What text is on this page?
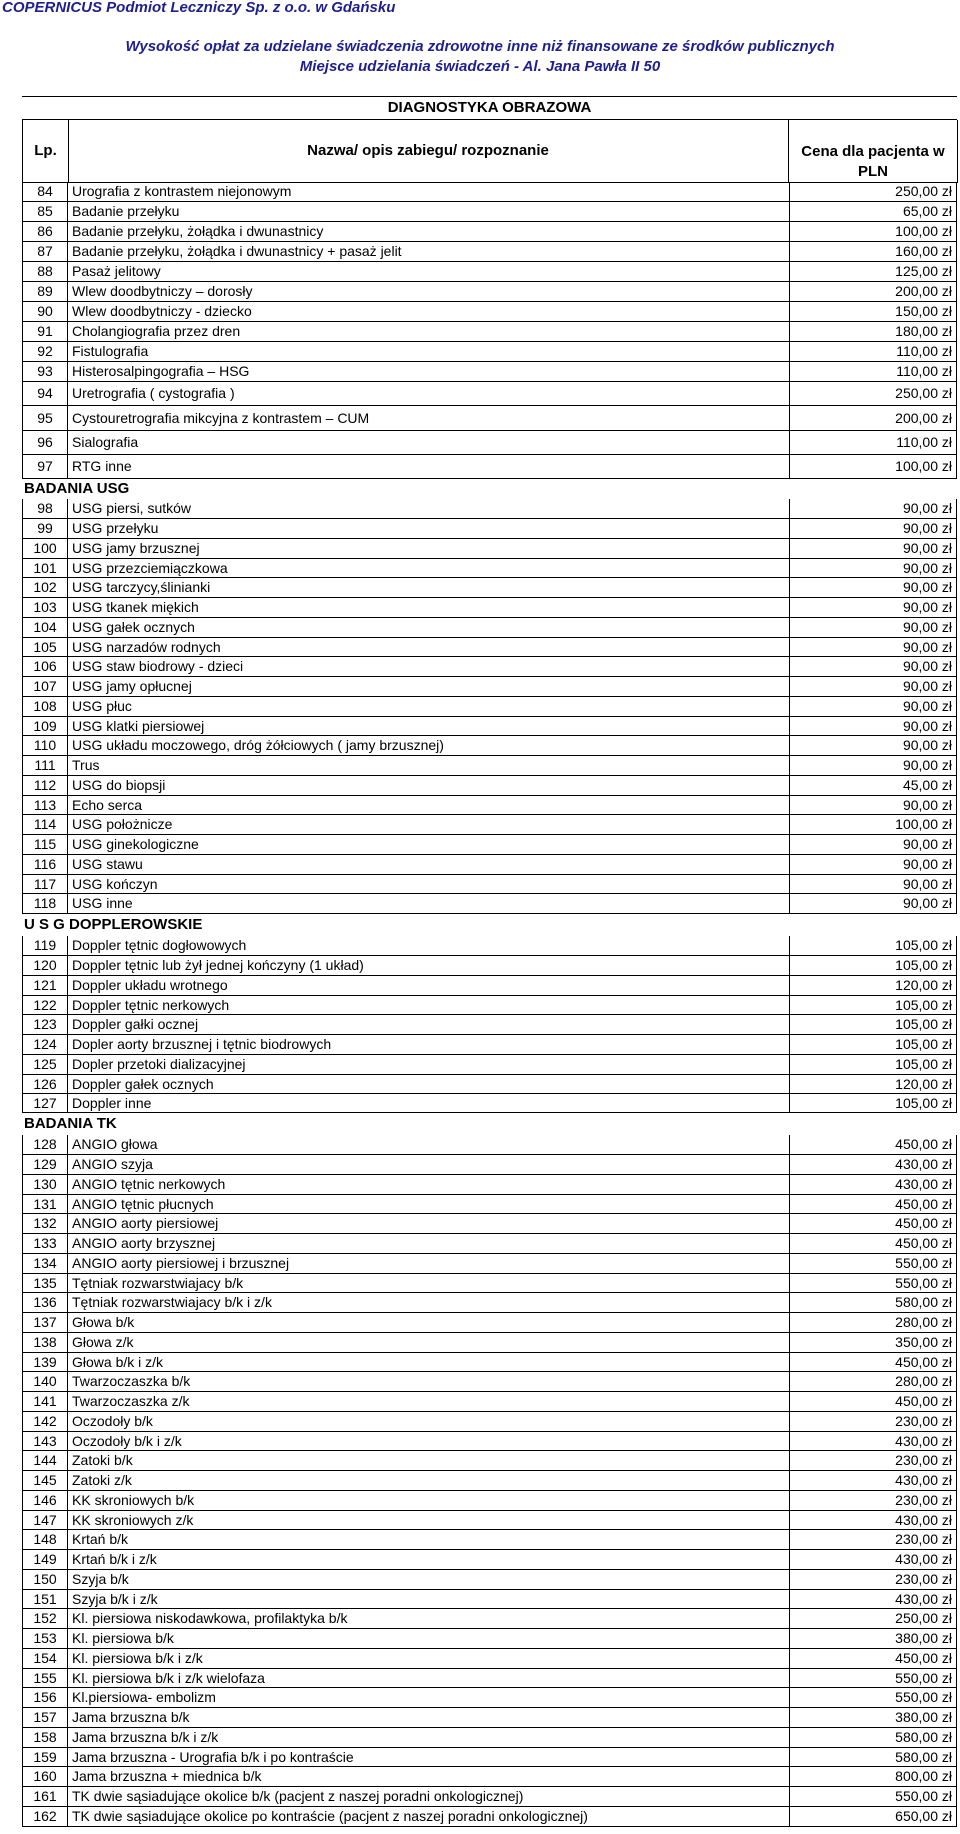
COPERNICUS Podmiot Leczniczy Sp. z o.o. w Gdańsku
Wysokość opłat za udzielane świadczenia zdrowotne inne niż finansowane ze środków publicznych
Miejsce udzielania świadczeń - Al. Jana Pawła II 50
DIAGNOSTYKA OBRAZOWA
Lp.	Nazwa/ opis zabiegu/ rozpoznanie	Cena dla pacjenta w
PLN
84	Urografia z kontrastem niejonowym	250,00 zł
85	Badanie przełyku	65,00 zł
86	Badanie przełyku, żołądka i dwunastnicy	100,00 zł
87	Badanie przełyku, żołądka i dwunastnicy + pasaż jelit	160,00 zł
88	Pasaż jelitowy	125,00 zł
89	Wlew doodbytniczy – dorosły	200,00 zł
90	Wlew doodbytniczy - dziecko	150,00 zł
91	Cholangiografia przez dren	180,00 zł
92	Fistulografia	110,00 zł
93	Histerosalpingografia – HSG	110,00 zł
94	Uretrografia ( cystografia )	250,00 zł
95	Cystouretrografia mikcyjna z kontrastem – CUM	200,00 zł
96	Sialografia	110,00 zł
97	RTG inne	100,00 zł
BADANIA USG
98	USG piersi, sutków	90,00 zł
99	USG przełyku	90,00 zł
100	USG jamy brzusznej	90,00 zł
101	USG przezciemiączkowa	90,00 zł
102	USG tarczycy,ślinianki	90,00 zł
103	USG tkanek miękich	90,00 zł
104	USG gałek ocznych	90,00 zł
105	USG narzadów rodnych	90,00 zł
106	USG staw biodrowy - dzieci	90,00 zł
107	USG jamy opłucnej	90,00 zł
108	USG płuc	90,00 zł
109	USG klatki piersiowej	90,00 zł
110	USG układu moczowego, dróg żółciowych ( jamy brzusznej)	90,00 zł
111	Trus	90,00 zł
112	USG do biopsji	45,00 zł
113	Echo serca	90,00 zł
114	USG położnicze	100,00 zł
115	USG ginekologiczne	90,00 zł
116	USG stawu	90,00 zł
117	USG kończyn	90,00 zł
118	USG inne	90,00 zł
U S G DOPPLEROWSKIE
119	Doppler tętnic dogłowowych	105,00 zł
120	Doppler tętnic lub żył jednej kończyny (1 układ)	105,00 zł
121	Doppler układu wrotnego	120,00 zł
122	Doppler tętnic nerkowych	105,00 zł
123	Doppler gałki ocznej	105,00 zł
124	Dopler aorty brzusznej i tętnic biodrowych	105,00 zł
125	Dopler przetoki dializacyjnej	105,00 zł
126	Doppler gałek ocznych	120,00 zł
127	Doppler inne	105,00 zł
BADANIA TK
128	ANGIO głowa	450,00 zł
129	ANGIO szyja	430,00 zł
130	ANGIO tętnic nerkowych	430,00 zł
131	ANGIO tętnic płucnych	450,00 zł
132	ANGIO aorty piersiowej	450,00 zł
133	ANGIO aorty brzysznej	450,00 zł
134	ANGIO aorty piersiowej i brzusznej	550,00 zł
135	Tętniak rozwarstwiajacy b/k	550,00 zł
136	Tętniak rozwarstwiajacy b/k i z/k	580,00 zł
137	Głowa b/k	280,00 zł
138	Głowa z/k	350,00 zł
139	Głowa b/k i z/k	450,00 zł
140	Twarzoczaszka b/k	280,00 zł
141	Twarzoczaszka z/k	450,00 zł
142	Oczodoły b/k	230,00 zł
143	Oczodoły b/k i z/k	430,00 zł
144	Zatoki b/k	230,00 zł
145	Zatoki z/k	430,00 zł
146	KK skroniowych b/k	230,00 zł
147	KK skroniowych z/k	430,00 zł
148	Krtań b/k	230,00 zł
149	Krtań b/k i z/k	430,00 zł
150	Szyja b/k	230,00 zł
151	Szyja b/k i z/k	430,00 zł
152	Kl. piersiowa niskodawkowa, profilaktyka b/k	250,00 zł
153	Kl. piersiowa b/k	380,00 zł
154	Kl. piersiowa b/k i z/k	450,00 zł
155	Kl. piersiowa b/k i z/k wielofaza	550,00 zł
156	Kl.piersiowa- embolizm	550,00 zł
157	Jama brzuszna b/k	380,00 zł
158	Jama brzuszna b/k i z/k	580,00 zł
159	Jama brzuszna - Urografia b/k i po kontraście	580,00 zł
160	Jama brzuszna + miednica b/k	800,00 zł
161	TK dwie sąsiadujące okolice b/k (pacjent z naszej poradni onkologicznej)	550,00 zł
162	TK dwie sąsiadujące okolice po kontraście (pacjent z naszej poradni onkologicznej)	650,00 zł
